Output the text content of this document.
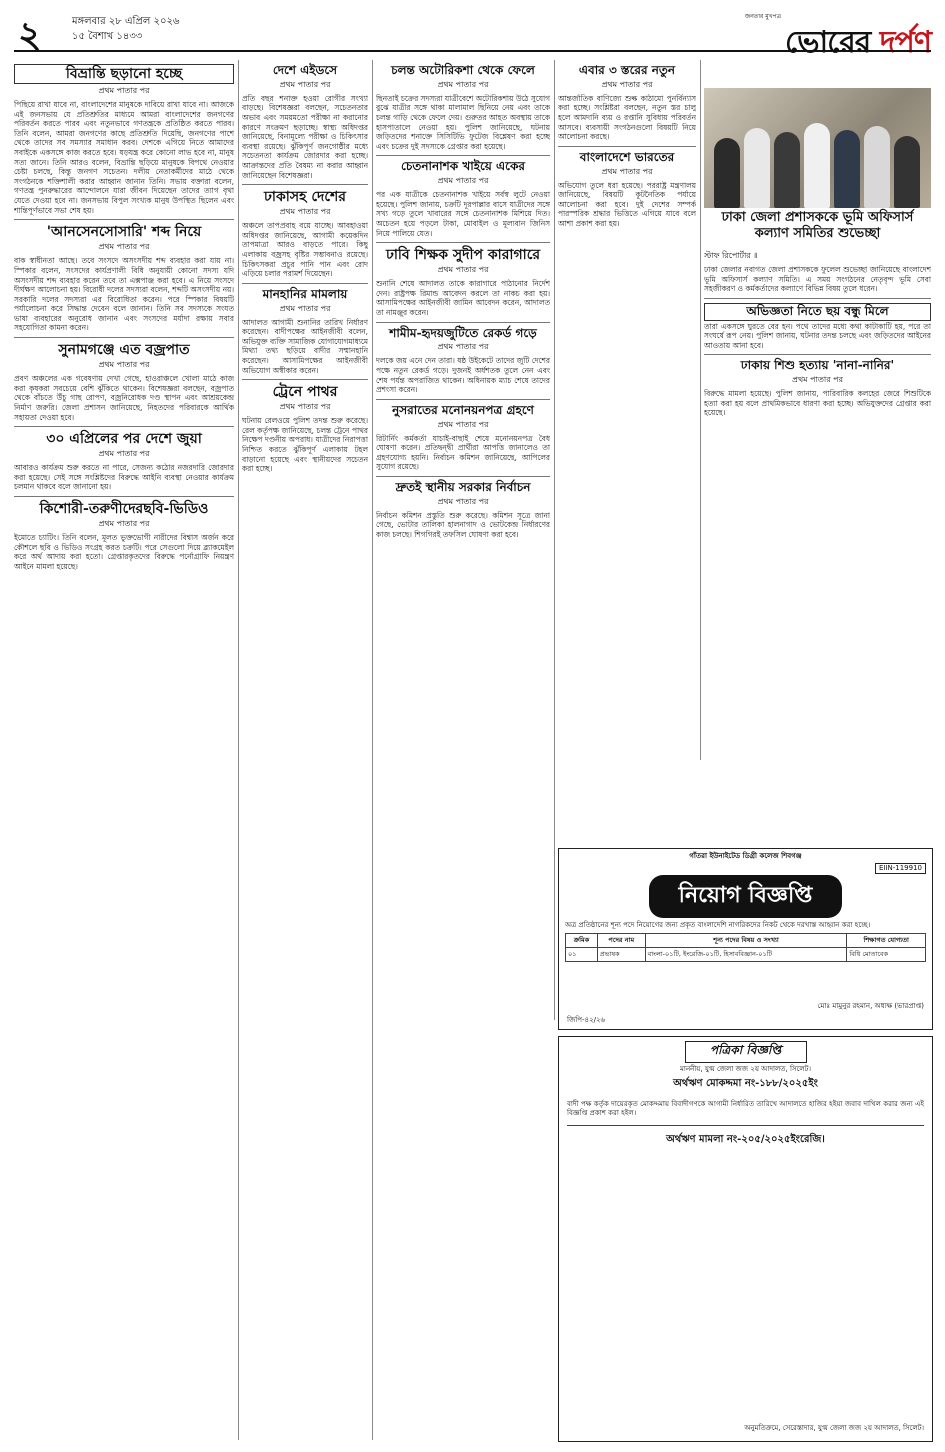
২	মঙ্গলবার ২৮ এপ্রিল ২০২৬
১৫ বৈশাখ ১৪৩৩
জনতার মুখপত্র
ভোরের দর্পণ
বিভ্রান্তি ছড়ানো হচ্ছে
প্রথম পাতার পর

পিছিয়ে রাখা যাবে না, বাংলাদেশের মানুষকে দাবিয়ে রাখা যাবে না। আজকে এই জনসভায় যে প্রতিশ্রুতির মাধ্যমে আমরা বাংলাদেশের জনগণের পরিবর্তন করতে পারব এবং নতুনভাবে গণতন্ত্রকে প্রতিষ্ঠিত করতে পারব। তিনি বলেন, আমরা জনগণের কাছে প্রতিশ্রুতি দিয়েছি, জনগণের পাশে থেকে তাদের সব সমস্যার সমাধান করব। দেশকে এগিয়ে নিতে আমাদের সবাইকে একসঙ্গে কাজ করতে হবে। ষড়যন্ত্র করে কোনো লাভ হবে না, মানুষ সত্য জানে। তিনি আরও বলেন, বিভ্রান্তি ছড়িয়ে মানুষকে বিপথে নেওয়ার চেষ্টা চলছে, কিন্তু জনগণ সচেতন। দলীয় নেতাকর্মীদের মাঠে থেকে সংগঠনকে শক্তিশালী করার আহ্বান জানান তিনি। সভায় বক্তারা বলেন, গণতন্ত্র পুনরুদ্ধারের আন্দোলনে যারা জীবন দিয়েছেন তাদের ত্যাগ বৃথা যেতে দেওয়া হবে না। জনসভায় বিপুল সংখ্যক মানুষ উপস্থিত ছিলেন এবং শান্তিপূর্ণভাবে সভা শেষ হয়।

'আনসেনসোসারি' শব্দ নিয়ে
প্রথম পাতার পর

বাক স্বাধীনতা আছে। তবে সংসদে অসংসদীয় শব্দ ব্যবহার করা যায় না। স্পিকার বলেন, সংসদের কার্যপ্রণালী বিধি অনুযায়ী কোনো সদস্য যদি অসংসদীয় শব্দ ব্যবহার করেন তবে তা এক্সপাঞ্জ করা হবে। এ নিয়ে সংসদে দীর্ঘক্ষণ আলোচনা হয়। বিরোধী দলের সদস্যরা বলেন, শব্দটি অসংসদীয় নয়। সরকারি দলের সদস্যরা এর বিরোধিতা করেন। পরে স্পিকার বিষয়টি পর্যালোচনা করে সিদ্ধান্ত দেবেন বলে জানান। তিনি সব সদস্যকে সংযত ভাষা ব্যবহারের অনুরোধ জানান এবং সংসদের মর্যাদা রক্ষায় সবার সহযোগিতা কামনা করেন।

সুনামগঞ্জে এত বজ্রপাত
প্রথম পাতার পর

প্রবণ অঞ্চলের এক গবেষণায় দেখা গেছে, হাওরাঞ্চলে খোলা মাঠে কাজ করা কৃষকরা সবচেয়ে বেশি ঝুঁকিতে থাকেন। বিশেষজ্ঞরা বলছেন, বজ্রপাত থেকে বাঁচতে উঁচু গাছ রোপণ, বজ্রনিরোধক দণ্ড স্থাপন এবং আশ্রয়কেন্দ্র নির্মাণ জরুরি। জেলা প্রশাসন জানিয়েছে, নিহতদের পরিবারকে আর্থিক সহায়তা দেওয়া হবে।

৩০ এপ্রিলের পর দেশে জুয়া
প্রথম পাতার পর

আবারও কার্যক্রম শুরু করতে না পারে, সেজন্য কঠোর নজরদারি জোরদার করা হয়েছে। সেই সঙ্গে সংশ্লিষ্টদের বিরুদ্ধে আইনি ব্যবস্থা নেওয়ার কার্যক্রম চলমান থাকবে বলে জানানো হয়।

কিশোরী-তরুণীদেরছবি-ভিডিও
প্রথম পাতার পর

ইমোতে চ্যাটিং। তিনি বলেন, মূলত ভুক্তভোগী নারীদের বিশ্বাস অর্জন করে কৌশলে ছবি ও ভিডিও সংগ্রহ করত চক্রটি। পরে সেগুলো দিয়ে ব্ল্যাকমেইল করে অর্থ আদায় করা হতো। গ্রেপ্তারকৃতদের বিরুদ্ধে পর্নোগ্রাফি নিয়ন্ত্রণ আইনে মামলা হয়েছে।

দেশে এইডসে
প্রথম পাতার পর

প্রতি বছর শনাক্ত হওয়া রোগীর সংখ্যা বাড়ছে। বিশেষজ্ঞরা বলছেন, সচেতনতার অভাব এবং সময়মতো পরীক্ষা না করানোর কারণে সংক্রমণ ছড়াচ্ছে। স্বাস্থ্য অধিদপ্তর জানিয়েছে, বিনামূল্যে পরীক্ষা ও চিকিৎসার ব্যবস্থা রয়েছে। ঝুঁকিপূর্ণ জনগোষ্ঠীর মধ্যে সচেতনতা কার্যক্রম জোরদার করা হচ্ছে। আক্রান্তদের প্রতি বৈষম্য না করার আহ্বান জানিয়েছেন বিশেষজ্ঞরা।

ঢাকাসহ দেশের
প্রথম পাতার পর

অঞ্চলে তাপপ্রবাহ বয়ে যাচ্ছে। আবহাওয়া অধিদপ্তর জানিয়েছে, আগামী কয়েকদিন তাপমাত্রা আরও বাড়তে পারে। কিছু এলাকায় বজ্রসহ বৃষ্টির সম্ভাবনাও রয়েছে। চিকিৎসকরা প্রচুর পানি পান এবং রোদ এড়িয়ে চলার পরামর্শ দিয়েছেন।

মানহানির মামলায়
প্রথম পাতার পর

আদালত আগামী শুনানির তারিখ নির্ধারণ করেছেন। বাদীপক্ষের আইনজীবী বলেন, অভিযুক্ত ব্যক্তি সামাজিক যোগাযোগমাধ্যমে মিথ্যা তথ্য ছড়িয়ে বাদীর সম্মানহানি করেছেন। আসামিপক্ষের আইনজীবী অভিযোগ অস্বীকার করেন।

ট্রেনে পাথর
প্রথম পাতার পর

ঘটনায় রেলওয়ে পুলিশ তদন্ত শুরু করেছে। রেল কর্তৃপক্ষ জানিয়েছে, চলন্ত ট্রেনে পাথর নিক্ষেপ দণ্ডনীয় অপরাধ। যাত্রীদের নিরাপত্তা নিশ্চিত করতে ঝুঁকিপূর্ণ এলাকায় টহল বাড়ানো হয়েছে এবং স্থানীয়দের সচেতন করা হচ্ছে।

চলন্ত অটোরিকশা থেকে ফেলে
প্রথম পাতার পর

ছিনতাই চক্রের সদস্যরা যাত্রীবেশে অটোরিকশায় উঠে সুযোগ বুঝে যাত্রীর সঙ্গে থাকা মালামাল ছিনিয়ে নেয় এবং তাকে চলন্ত গাড়ি থেকে ফেলে দেয়। গুরুতর আহত অবস্থায় তাকে হাসপাতালে নেওয়া হয়। পুলিশ জানিয়েছে, ঘটনায় জড়িতদের শনাক্তে সিসিটিভি ফুটেজ বিশ্লেষণ করা হচ্ছে এবং চক্রের দুই সদস্যকে গ্রেপ্তার করা হয়েছে।

চেতনানাশক খাইয়ে একের
প্রথম পাতার পর

পর এক যাত্রীকে চেতনানাশক খাইয়ে সর্বস্ব লুটে নেওয়া হয়েছে। পুলিশ জানায়, চক্রটি দূরপাল্লার বাসে যাত্রীদের সঙ্গে সখ্য গড়ে তুলে খাবারের সঙ্গে চেতনানাশক মিশিয়ে দিত। অচেতন হয়ে পড়লে টাকা, মোবাইল ও মূল্যবান জিনিস নিয়ে পালিয়ে যেত।

ঢাবি শিক্ষক সুদীপ কারাগারে
প্রথম পাতার পর

শুনানি শেষে আদালত তাকে কারাগারে পাঠানোর নির্দেশ দেন। রাষ্ট্রপক্ষ রিমান্ড আবেদন করলে তা নাকচ করা হয়। আসামিপক্ষের আইনজীবী জামিন আবেদন করেন, আদালত তা নামঞ্জুর করেন।

শামীম-হৃদয়জুটিতে রেকর্ড গড়ে
প্রথম পাতার পর

দলকে জয় এনে দেন তারা। ষষ্ঠ উইকেটে তাদের জুটি দেশের পক্ষে নতুন রেকর্ড গড়ে। দুজনই অর্ধশতক তুলে নেন এবং শেষ পর্যন্ত অপরাজিত থাকেন। অধিনায়ক ম্যাচ শেষে তাদের প্রশংসা করেন।

নুসরাতের মনোনয়নপত্র গ্রহণে
প্রথম পাতার পর

রিটার্নিং কর্মকর্তা যাচাই-বাছাই শেষে মনোনয়নপত্র বৈধ ঘোষণা করেন। প্রতিদ্বন্দ্বী প্রার্থীরা আপত্তি জানালেও তা গ্রহণযোগ্য হয়নি। নির্বাচন কমিশন জানিয়েছে, আপিলের সুযোগ রয়েছে।

দ্রুতই স্থানীয় সরকার নির্বাচন
প্রথম পাতার পর

নির্বাচন কমিশন প্রস্তুতি শুরু করেছে। কমিশন সূত্রে জানা গেছে, ভোটার তালিকা হালনাগাদ ও ভোটকেন্দ্র নির্ধারণের কাজ চলছে। শিগগিরই তফসিল ঘোষণা করা হবে।

এবার ৩ স্তরের নতুন
প্রথম পাতার পর

আন্তর্জাতিক বাণিজ্যে শুল্ক কাঠামো পুনর্বিন্যাস করা হচ্ছে। সংশ্লিষ্টরা বলছেন, নতুন স্তর চালু হলে আমদানি ব্যয় ও রপ্তানি সুবিধায় পরিবর্তন আসবে। ব্যবসায়ী সংগঠনগুলো বিষয়টি নিয়ে আলোচনা করছে।

বাংলাদেশে ভারতের
প্রথম পাতার পর

অভিযোগ তুলে ধরা হয়েছে। পররাষ্ট্র মন্ত্রণালয় জানিয়েছে, বিষয়টি কূটনৈতিক পর্যায়ে আলোচনা করা হবে। দুই দেশের সম্পর্ক পারস্পরিক শ্রদ্ধার ভিত্তিতে এগিয়ে যাবে বলে আশা প্রকাশ করা হয়।	ঢাকা জেলা প্রশাসককে ভূমি অফিসার্স কল্যাণ সমিতির শুভেচ্ছা
স্টাফ রিপোর্টার ॥

ঢাকা জেলার নবাগত জেলা প্রশাসককে ফুলেল শুভেচ্ছা জানিয়েছে বাংলাদেশ ভূমি অফিসার্স কল্যাণ সমিতি। এ সময় সংগঠনের নেতৃবৃন্দ ভূমি সেবা সহজীকরণ ও কর্মকর্তাদের কল্যাণে বিভিন্ন বিষয় তুলে ধরেন।

অভিজ্ঞতা নিতে ছয় বন্ধু মিলে

তারা একসঙ্গে ঘুরতে বের হন। পথে তাদের মধ্যে কথা কাটাকাটি হয়, পরে তা সংঘর্ষে রূপ নেয়। পুলিশ জানায়, ঘটনার তদন্ত চলছে এবং জড়িতদের আইনের আওতায় আনা হবে।

ঢাকায় শিশু হত্যায় 'নানা-নানির'
প্রথম পাতার পর

বিরুদ্ধে মামলা হয়েছে। পুলিশ জানায়, পারিবারিক কলহের জেরে শিশুটিকে হত্যা করা হয় বলে প্রাথমিকভাবে ধারণা করা হচ্ছে। অভিযুক্তদের গ্রেপ্তার করা হয়েছে।

গাঁতরা ইউনাইটেড ডিগ্রী কলেজ শিবগঞ্জ
EIIN-119910
নিয়োগ বিজ্ঞপ্তি
অত্র প্রতিষ্ঠানের শূন্য পদে নিয়োগের জন্য প্রকৃত বাংলাদেশি নাগরিকদের নিকট থেকে দরখাস্ত আহ্বান করা হচ্ছে।
ক্রমিক	পদের নাম	শূন্য পদের বিষয় ও সংখ্যা	শিক্ষাগত যোগ্যতা
০১	প্রভাষক	বাংলা-০১টি, ইংরেজি-০১টি, হিসাববিজ্ঞান-০১টি	বিধি মোতাবেক
মোঃ মামুনুর রহমান, অধ্যক্ষ (ভারপ্রাপ্ত)
জিপি-৪২/২৬
পত্রিকা বিজ্ঞপ্তি
মাননীয়, যুগ্ম জেলা জজ ২য় আদালত, সিলেট।
অর্থঋণ মোকদ্দমা নং-১৮৮/২০২৫ইং

বাদী পক্ষ কর্তৃক দায়েরকৃত মোকদ্দমায় বিবাদীগণকে আগামী নির্ধারিত তারিখে আদালতে হাজির হইয়া জবাব দাখিল করার জন্য এই বিজ্ঞপ্তি প্রকাশ করা হইল।

অর্থঋণ মামলা নং-২০৫/২০২৫ইংরেজি।
অনুমতিক্রমে, সেরেস্তাদার, যুগ্ম জেলা জজ ২য় আদালত, সিলেট।
